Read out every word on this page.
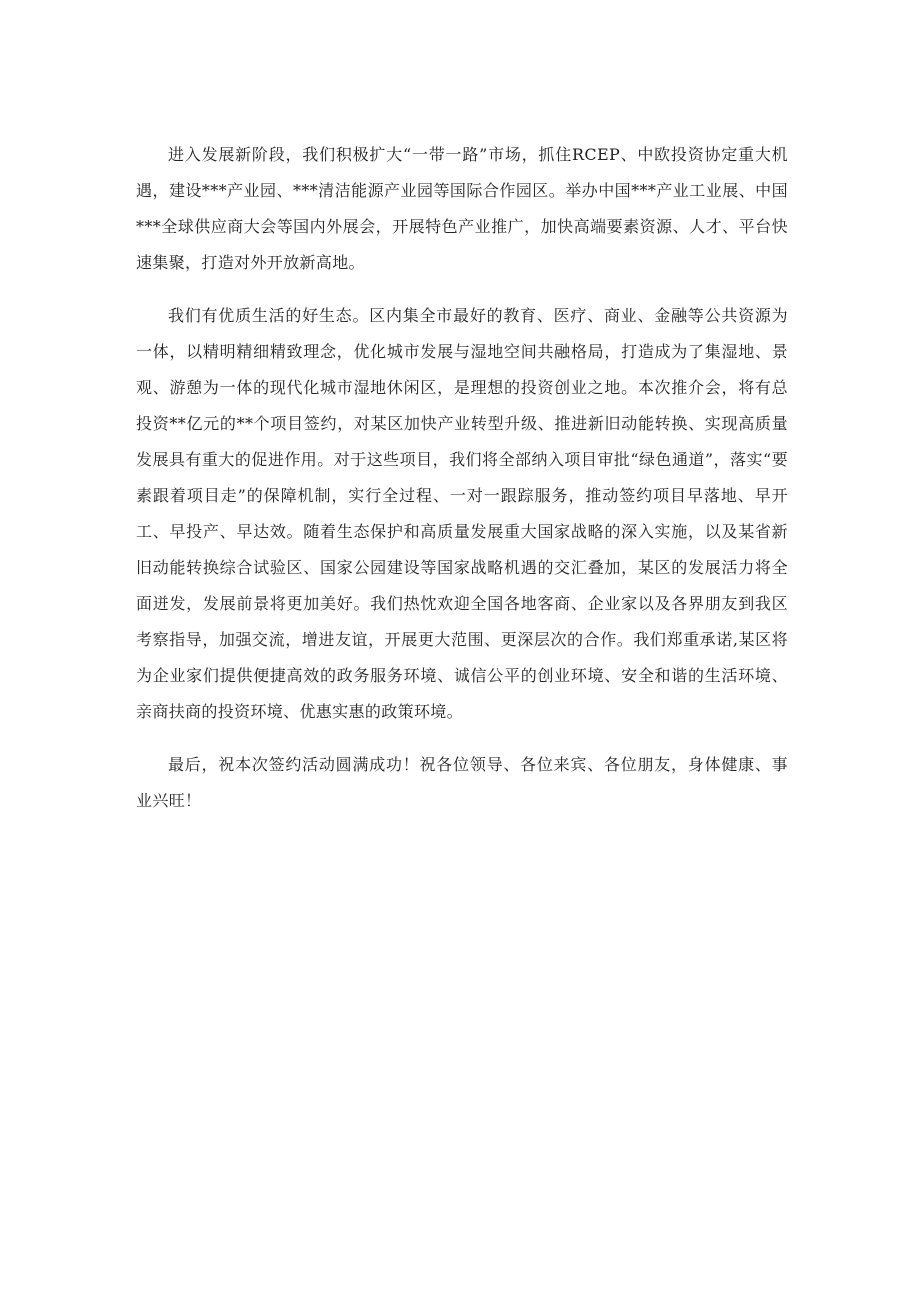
进入发展新阶段，我们积极扩大“一带一路”市场，抓住RCEP、中欧投资协定重大机遇，建设***产业园、***清洁能源产业园等国际合作园区。举办中国***产业工业展、中国***全球供应商大会等国内外展会，开展特色产业推广，加快高端要素资源、人才、平台快速集聚，打造对外开放新高地。

我们有优质生活的好生态。区内集全市最好的教育、医疗、商业、金融等公共资源为一体，以精明精细精致理念，优化城市发展与湿地空间共融格局，打造成为了集湿地、景观、游憩为一体的现代化城市湿地休闲区，是理想的投资创业之地。本次推介会，将有总投资**亿元的**个项目签约，对某区加快产业转型升级、推进新旧动能转换、实现高质量发展具有重大的促进作用。对于这些项目，我们将全部纳入项目审批“绿色通道”，落实“要素跟着项目走”的保障机制，实行全过程、一对一跟踪服务，推动签约项目早落地、早开工、早投产、早达效。随着生态保护和高质量发展重大国家战略的深入实施，以及某省新旧动能转换综合试验区、国家公园建设等国家战略机遇的交汇叠加，某区的发展活力将全面迸发，发展前景将更加美好。我们热忱欢迎全国各地客商、企业家以及各界朋友到我区考察指导，加强交流，增进友谊，开展更大范围、更深层次的合作。我们郑重承诺,某区将为企业家们提供便捷高效的政务服务环境、诚信公平的创业环境、安全和谐的生活环境、亲商扶商的投资环境、优惠实惠的政策环境。

最后，祝本次签约活动圆满成功！祝各位领导、各位来宾、各位朋友，身体健康、事业兴旺！
